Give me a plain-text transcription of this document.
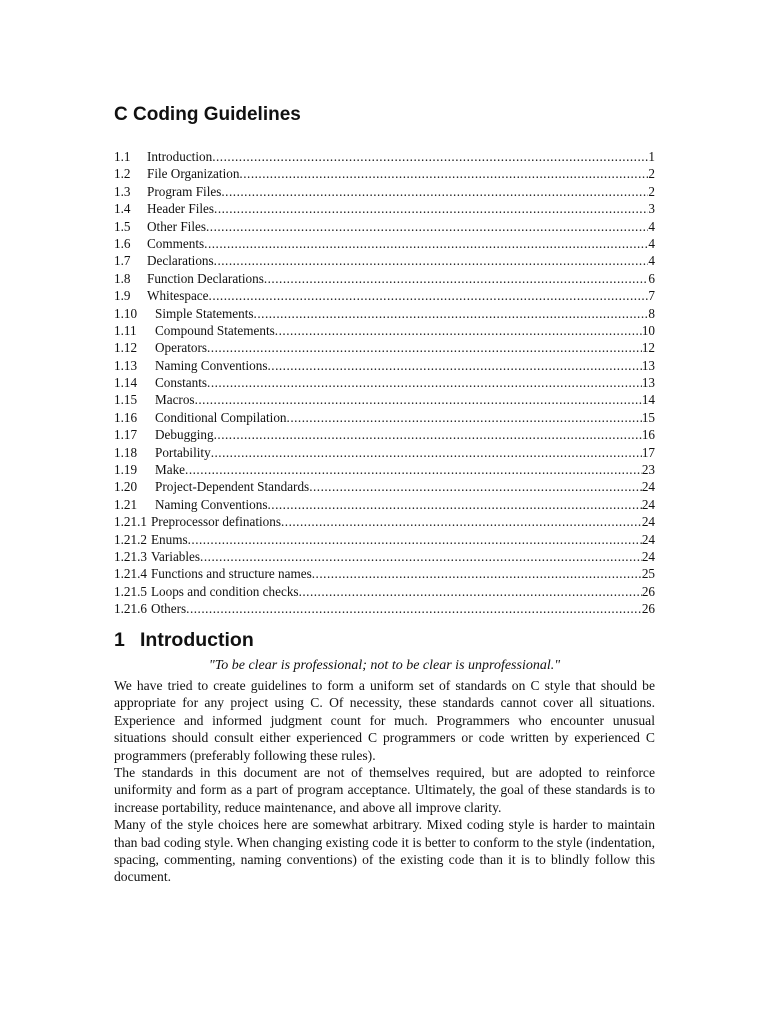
C Coding Guidelines
1.1	Introduction .....	1
1.2	File Organization .....	2
1.3	Program Files .....	2
1.4	Header Files .....	3
1.5	Other Files .....	4
1.6	Comments .....	4
1.7	Declarations .....	4
1.8	Function Declarations .....	6
1.9	Whitespace .....	7
1.10	Simple Statements .....	8
1.11	Compound Statements .....	10
1.12	Operators .....	12
1.13	Naming Conventions .....	13
1.14	Constants .....	13
1.15	Macros .....	14
1.16	Conditional Compilation .....	15
1.17	Debugging .....	16
1.18	Portability .....	17
1.19	Make .....	23
1.20	Project-Dependent Standards .....	24
1.21	Naming Conventions .....	24
1.21.1 Preprocessor definations .....	24
1.21.2 Enums .....	24
1.21.3 Variables .....	24
1.21.4 Functions and structure names .....	25
1.21.5 Loops and condition checks .....	26
1.21.6 Others .....	26
1 Introduction
"To be clear is professional; not to be clear is unprofessional."

We have tried to create guidelines to form a uniform set of standards on C style that should be appropriate for any project using C. Of necessity, these standards cannot cover all situations. Experience and informed judgment count for much. Programmers who encounter unusual situations should consult either experienced C programmers or code written by experienced C programmers (preferably following these rules).

The standards in this document are not of themselves required, but are adopted to reinforce uniformity and form as a part of program acceptance. Ultimately, the goal of these standards is to increase portability, reduce maintenance, and above all improve clarity.

Many of the style choices here are somewhat arbitrary. Mixed coding style is harder to maintain than bad coding style. When changing existing code it is better to conform to the style (indentation, spacing, commenting, naming conventions) of the existing code than it is to blindly follow this document.
